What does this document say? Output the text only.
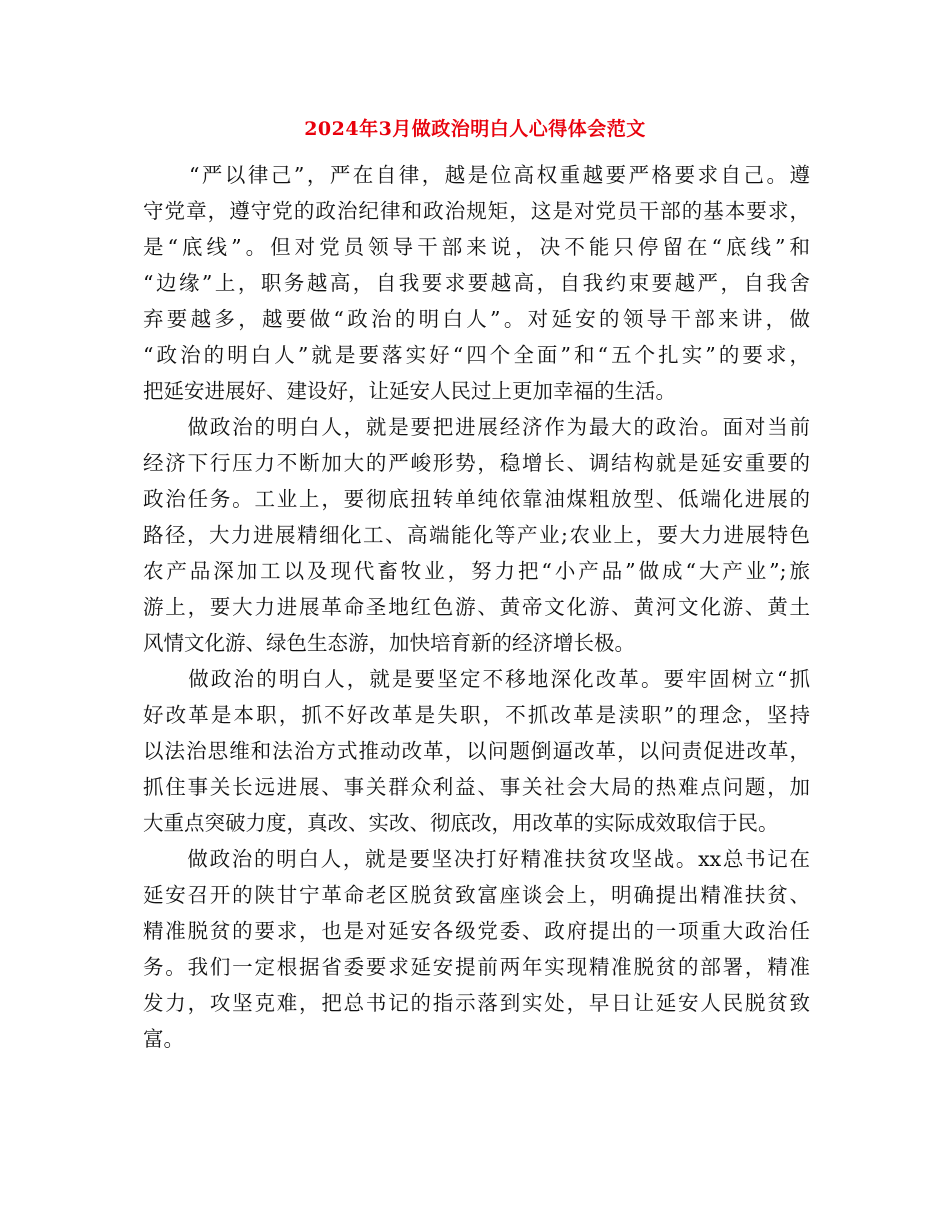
2024年3月做政治明白人心得体会范文
　　“严以律己”，严在自律，越是位高权重越要严格要求自己。遵
守党章，遵守党的政治纪律和政治规矩，这是对党员干部的基本要求，
是“底线”。但对党员领导干部来说，决不能只停留在“底线”和
“边缘”上，职务越高，自我要求要越高，自我约束要越严，自我舍
弃要越多，越要做“政治的明白人”。对延安的领导干部来讲，做
“政治的明白人”就是要落实好“四个全面”和“五个扎实”的要求，
把延安进展好、建设好，让延安人民过上更加幸福的生活。
　　做政治的明白人，就是要把进展经济作为最大的政治。面对当前
经济下行压力不断加大的严峻形势，稳增长、调结构就是延安重要的
政治任务。工业上，要彻底扭转单纯依靠油煤粗放型、低端化进展的
路径，大力进展精细化工、高端能化等产业;农业上，要大力进展特色
农产品深加工以及现代畜牧业，努力把“小产品”做成“大产业”;旅
游上，要大力进展革命圣地红色游、黄帝文化游、黄河文化游、黄土
风情文化游、绿色生态游，加快培育新的经济增长极。
　　做政治的明白人，就是要坚定不移地深化改革。要牢固树立“抓
好改革是本职，抓不好改革是失职，不抓改革是渎职”的理念，坚持
以法治思维和法治方式推动改革，以问题倒逼改革，以问责促进改革，
抓住事关长远进展、事关群众利益、事关社会大局的热难点问题，加
大重点突破力度，真改、实改、彻底改，用改革的实际成效取信于民。
　　做政治的明白人，就是要坚决打好精准扶贫攻坚战。xx总书记在
延安召开的陕甘宁革命老区脱贫致富座谈会上，明确提出精准扶贫、
精准脱贫的要求，也是对延安各级党委、政府提出的一项重大政治任
务。我们一定根据省委要求延安提前两年实现精准脱贫的部署，精准
发力，攻坚克难，把总书记的指示落到实处，早日让延安人民脱贫致
富。
